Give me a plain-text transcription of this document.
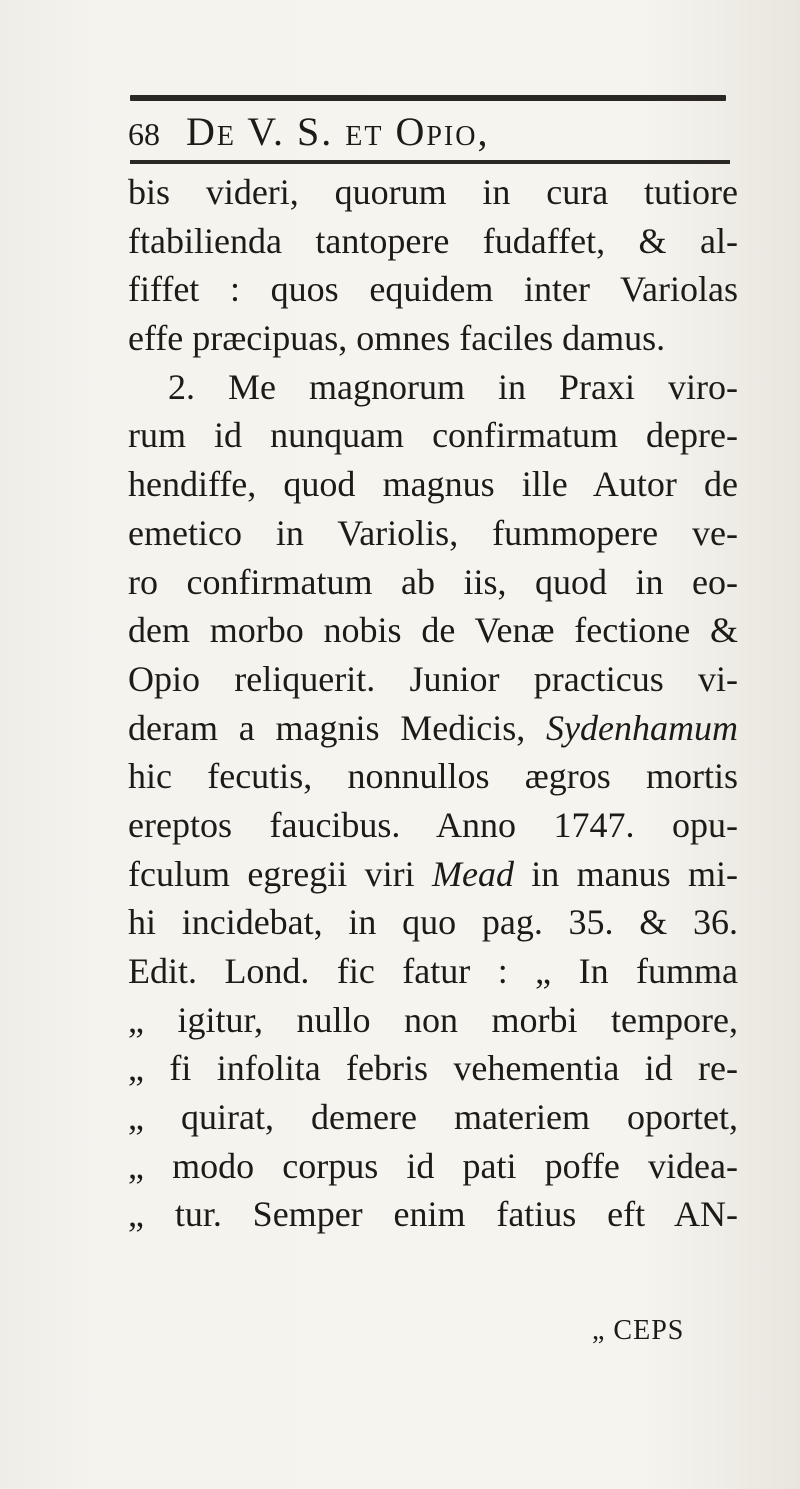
68 De V. S. et Opio,
bis videri, quorum in cura tutiore
ftabilienda tantopere fudaffet, & al-
fiffet : quos equidem inter Variolas
effe præcipuas, omnes faciles damus.
2. Me magnorum in Praxi viro-
rum id nunquam confirmatum depre-
hendiffe, quod magnus ille Autor de
emetico in Variolis, fummopere ve-
ro confirmatum ab iis, quod in eo-
dem morbo nobis de Venæ fectione &
Opio reliquerit. Junior practicus vi-
deram a magnis Medicis, Sydenhamum
hic fecutis, nonnullos ægros mortis
ereptos faucibus. Anno 1747. opu-
fculum egregii viri Mead in manus mi-
hi incidebat, in quo pag. 35. & 36.
Edit. Lond. fic fatur : „ In fumma
„ igitur, nullo non morbi tempore,
„ fi infolita febris vehementia id re-
„ quirat, demere materiem oportet,
„ modo corpus id pati poffe videa-
„ tur. Semper enim fatius eft AN-
„ CEPS
